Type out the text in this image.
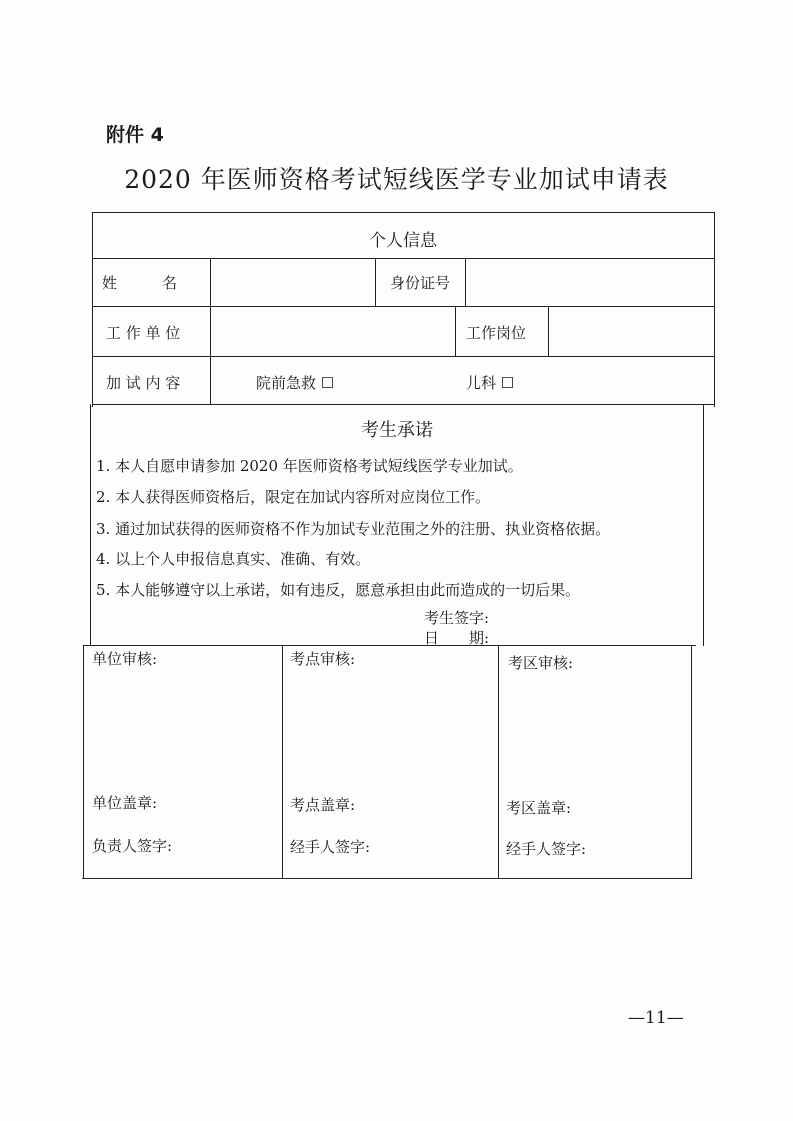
附件 4
2020 年医师资格考试短线医学专业加试申请表
个人信息
姓　　　名	身份证号
工 作 单 位	工作岗位
加 试 内 容	院前急救 ☐	儿科 ☐
考生承诺
1. 本人自愿申请参加 2020 年医师资格考试短线医学专业加试。
2. 本人获得医师资格后，限定在加试内容所对应岗位工作。
3. 通过加试获得的医师资格不作为加试专业范围之外的注册、执业资格依据。
4. 以上个人申报信息真实、准确、有效。
5. 本人能够遵守以上承诺，如有违反，愿意承担由此而造成的一切后果。
考生签字:
日　　期:
单位审核:
单位盖章:
负责人签字:
考点审核:
考点盖章:
经手人签字:
考区审核:
考区盖章:
经手人签字:
—11—
